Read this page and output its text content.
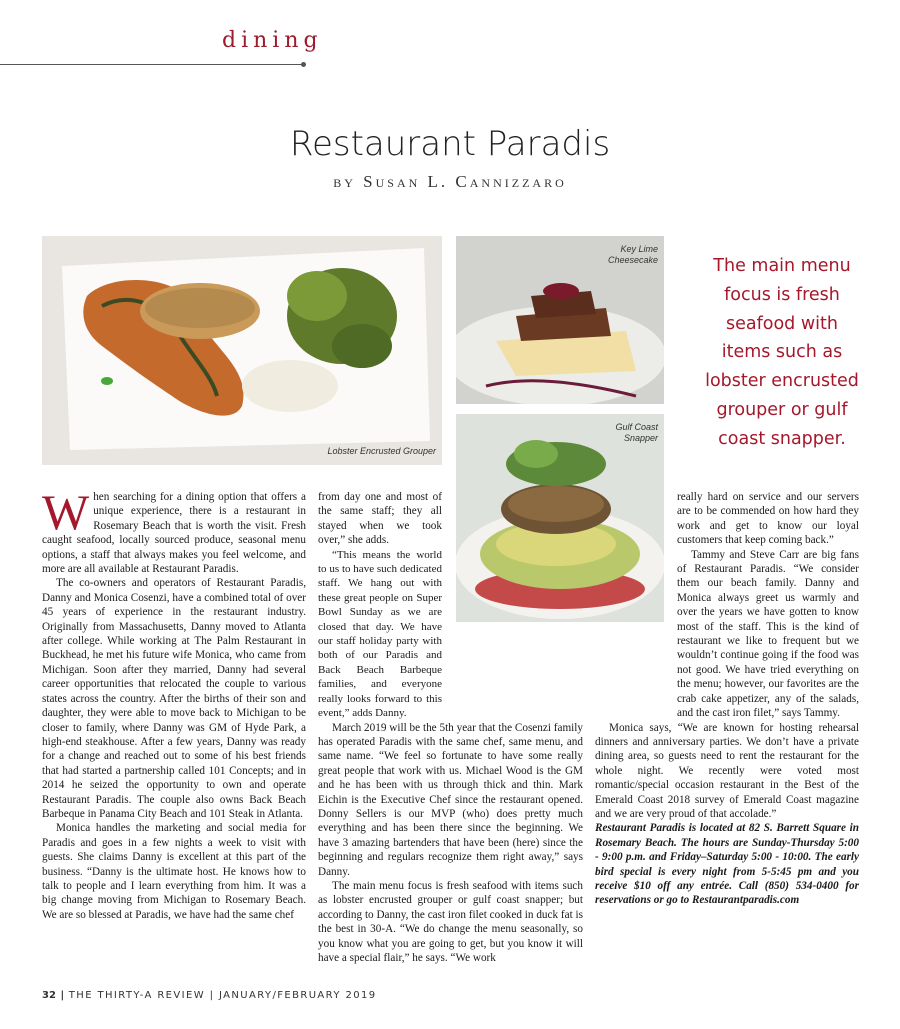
dining
Restaurant Paradis
by Susan L. Cannizzaro
Lobster Encrusted Grouper
Key Lime
Cheesecake
Gulf Coast
Snapper
The main menu
focus is fresh
seafood with
items such as
lobster encrusted
grouper or gulf
coast snapper.

When searching for a dining option that offers a unique experience, there is a restaurant in Rosemary Beach that is worth the visit. Fresh caught seafood, locally sourced produce, seasonal menu options, a staff that always makes you feel welcome, and more are all available at Restaurant Paradis.

The co-owners and operators of Restaurant Paradis, Danny and Monica Cosenzi, have a combined total of over 45 years of experience in the restaurant industry. Originally from Massachusetts, Danny moved to Atlanta after college. While working at The Palm Restaurant in Buckhead, he met his future wife Monica, who came from Michigan. Soon after they married, Danny had several career opportunities that relocated the couple to various states across the country. After the births of their son and daughter, they were able to move back to Michigan to be closer to family, where Danny was GM of Hyde Park, a high-end steakhouse. After a few years, Danny was ready for a change and reached out to some of his best friends that had started a partnership called 101 Concepts; and in 2014 he seized the opportunity to own and operate Restaurant Paradis. The couple also owns Back Beach Barbeque in Panama City Beach and 101 Steak in Atlanta.

Monica handles the marketing and social media for Paradis and goes in a few nights a week to visit with guests. She claims Danny is excellent at this part of the business. “Danny is the ultimate host. He knows how to talk to people and I learn everything from him. It was a big change moving from Michigan to Rosemary Beach. We are so blessed at Paradis, we have had the same chef

from day one and most of the same staff; they all stayed when we took over,” she adds.

“This means the world to us to have such dedicated staff. We hang out with these great people on Super Bowl Sunday as we are closed that day. We have our staff holiday party with both of our Paradis and Back Beach Barbeque families, and everyone really looks forward to this event,” adds Danny.

March 2019 will be the 5th year that the Cosenzi family has operated Paradis with the same chef, same menu, and same name. “We feel so fortunate to have some really great people that work with us. Michael Wood is the GM and he has been with us through thick and thin. Mark Eichin is the Executive Chef since the restaurant opened. Donny Sellers is our MVP (who) does pretty much everything and has been there since the beginning. We have 3 amazing bartenders that have been (here) since the beginning and regulars recognize them right away,” says Danny.

The main menu focus is fresh seafood with items such as lobster encrusted grouper or gulf coast snapper; but according to Danny, the cast iron filet cooked in duck fat is the best in 30-A. “We do change the menu seasonally, so you know what you are going to get, but you know it will have a special flair,” he says. “We work

really hard on service and our servers are to be commended on how hard they work and get to know our loyal customers that keep coming back.”

Tammy and Steve Carr are big fans of Restaurant Paradis. “We consider them our beach family. Danny and Monica always greet us warmly and over the years we have gotten to know most of the staff. This is the kind of restaurant we like to frequent but we wouldn’t continue going if the food was not good. We have tried everything on the menu; however, our favorites are the crab cake appetizer, any of the salads, and the cast iron filet,” says Tammy.

Monica says, “We are known for hosting rehearsal dinners and anniversary parties. We don’t have a private dining area, so guests need to rent the restaurant for the whole night. We recently were voted most romantic/special occasion restaurant in the Best of the Emerald Coast 2018 survey of Emerald Coast magazine and we are very proud of that accolade.”

Restaurant Paradis is located at 82 S. Barrett Square in Rosemary Beach. The hours are Sunday-Thursday 5:00 - 9:00 p.m. and Friday–Saturday 5:00 - 10:00. The early bird special is every night from 5-5:45 pm and you receive $10 off any entrée. Call (850) 534-0400 for reservations or go to Restaurantparadis.com

32 | THE THIRTY-A REVIEW | JANUARY/FEBRUARY 2019
